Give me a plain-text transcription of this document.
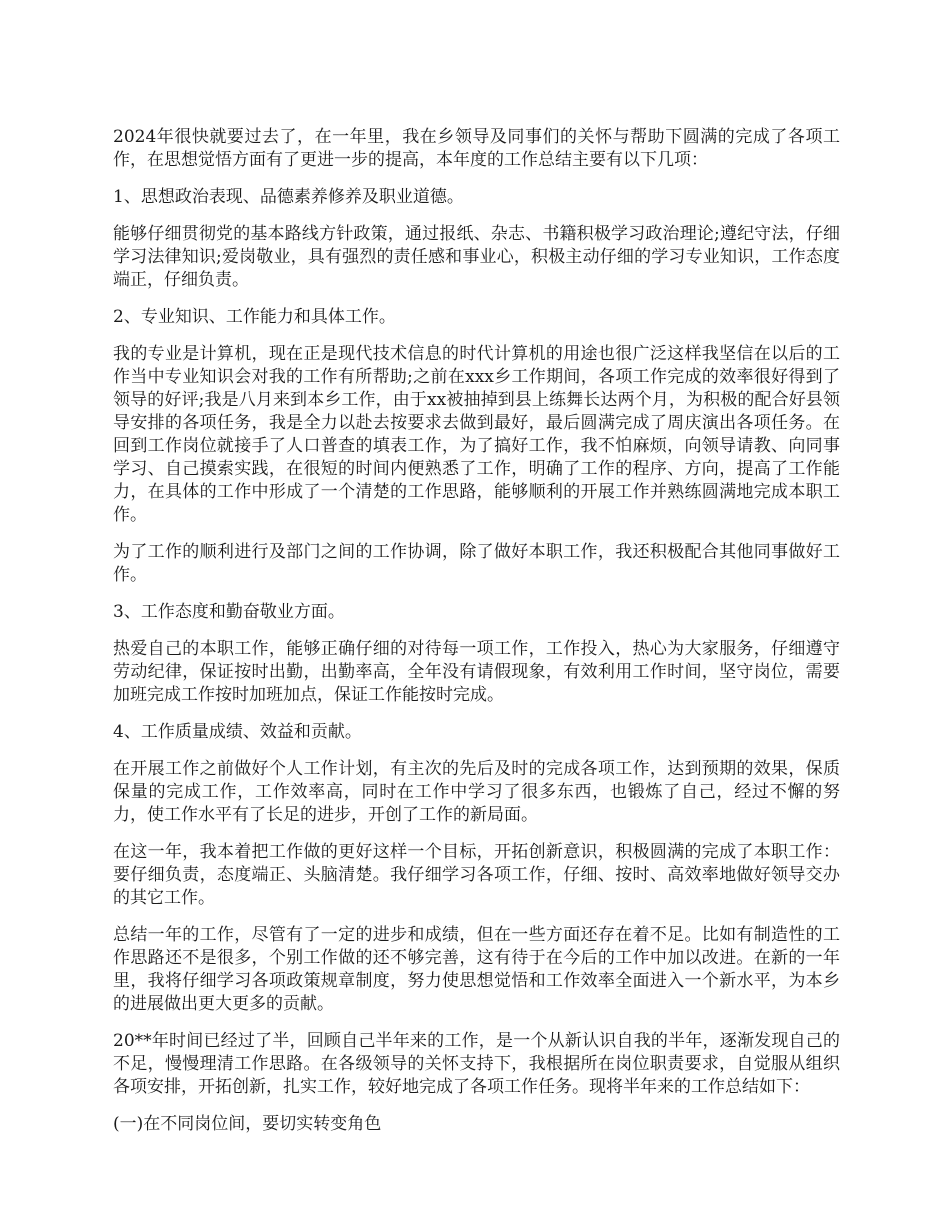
2024年很快就要过去了，在一年里，我在乡领导及同事们的关怀与帮助下圆满的完成了各项工作，在思想觉悟方面有了更进一步的提高，本年度的工作总结主要有以下几项：

1、思想政治表现、品德素养修养及职业道德。

能够仔细贯彻党的基本路线方针政策，通过报纸、杂志、书籍积极学习政治理论;遵纪守法，仔细学习法律知识;爱岗敬业，具有强烈的责任感和事业心，积极主动仔细的学习专业知识，工作态度端正，仔细负责。

2、专业知识、工作能力和具体工作。

我的专业是计算机，现在正是现代技术信息的时代计算机的用途也很广泛这样我坚信在以后的工作当中专业知识会对我的工作有所帮助;之前在xxx乡工作期间，各项工作完成的效率很好得到了领导的好评;我是八月来到本乡工作，由于xx被抽掉到县上练舞长达两个月，为积极的配合好县领导安排的各项任务，我是全力以赴去按要求去做到最好，最后圆满完成了周庆演出各项任务。在回到工作岗位就接手了人口普查的填表工作，为了搞好工作，我不怕麻烦，向领导请教、向同事学习、自己摸索实践，在很短的时间内便熟悉了工作，明确了工作的程序、方向，提高了工作能力，在具体的工作中形成了一个清楚的工作思路，能够顺利的开展工作并熟练圆满地完成本职工作。

为了工作的顺利进行及部门之间的工作协调，除了做好本职工作，我还积极配合其他同事做好工作。

3、工作态度和勤奋敬业方面。

热爱自己的本职工作，能够正确仔细的对待每一项工作，工作投入，热心为大家服务，仔细遵守劳动纪律，保证按时出勤，出勤率高，全年没有请假现象，有效利用工作时间，坚守岗位，需要加班完成工作按时加班加点，保证工作能按时完成。

4、工作质量成绩、效益和贡献。

在开展工作之前做好个人工作计划，有主次的先后及时的完成各项工作，达到预期的效果，保质保量的完成工作，工作效率高，同时在工作中学习了很多东西，也锻炼了自己，经过不懈的努力，使工作水平有了长足的进步，开创了工作的新局面。

在这一年，我本着把工作做的更好这样一个目标，开拓创新意识，积极圆满的完成了本职工作：要仔细负责，态度端正、头脑清楚。我仔细学习各项工作，仔细、按时、高效率地做好领导交办的其它工作。

总结一年的工作，尽管有了一定的进步和成绩，但在一些方面还存在着不足。比如有制造性的工作思路还不是很多，个别工作做的还不够完善，这有待于在今后的工作中加以改进。在新的一年里，我将仔细学习各项政策规章制度，努力使思想觉悟和工作效率全面进入一个新水平，为本乡的进展做出更大更多的贡献。

20**年时间已经过了半，回顾自己半年来的工作，是一个从新认识自我的半年，逐渐发现自己的不足，慢慢理清工作思路。在各级领导的关怀支持下，我根据所在岗位职责要求，自觉服从组织各项安排，开拓创新，扎实工作，较好地完成了各项工作任务。现将半年来的工作总结如下：

(一)在不同岗位间，要切实转变角色
